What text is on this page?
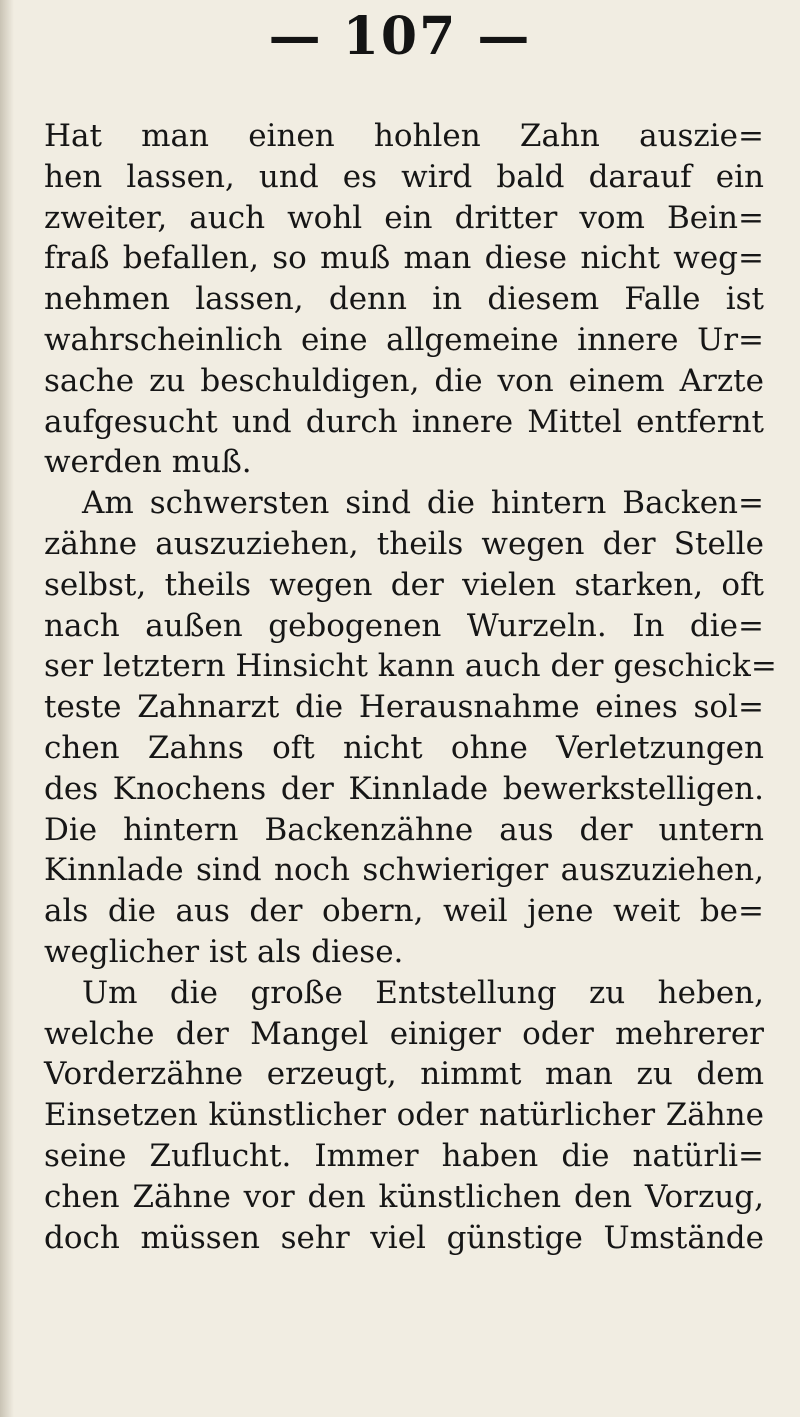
— 107 —
Hat man einen hohlen Zahn auszie=
hen lassen, und es wird bald darauf ein
zweiter, auch wohl ein dritter vom Bein=
fraß befallen, so muß man diese nicht weg=
nehmen lassen, denn in diesem Falle ist
wahrscheinlich eine allgemeine innere Ur=
sache zu beschuldigen, die von einem Arzte
aufgesucht und durch innere Mittel entfernt
werden muß.
Am schwersten sind die hintern Backen=
zähne auszuziehen, theils wegen der Stelle
selbst, theils wegen der vielen starken, oft
nach außen gebogenen Wurzeln. In die=
ser letztern Hinsicht kann auch der geschick=
teste Zahnarzt die Herausnahme eines sol=
chen Zahns oft nicht ohne Verletzungen
des Knochens der Kinnlade bewerkstelligen.
Die hintern Backenzähne aus der untern
Kinnlade sind noch schwieriger auszuziehen,
als die aus der obern, weil jene weit be=
weglicher ist als diese.
Um die große Entstellung zu heben,
welche der Mangel einiger oder mehrerer
Vorderzähne erzeugt, nimmt man zu dem
Einsetzen künstlicher oder natürlicher Zähne
seine Zuflucht. Immer haben die natürli=
chen Zähne vor den künstlichen den Vorzug,
doch müssen sehr viel günstige Umstände
